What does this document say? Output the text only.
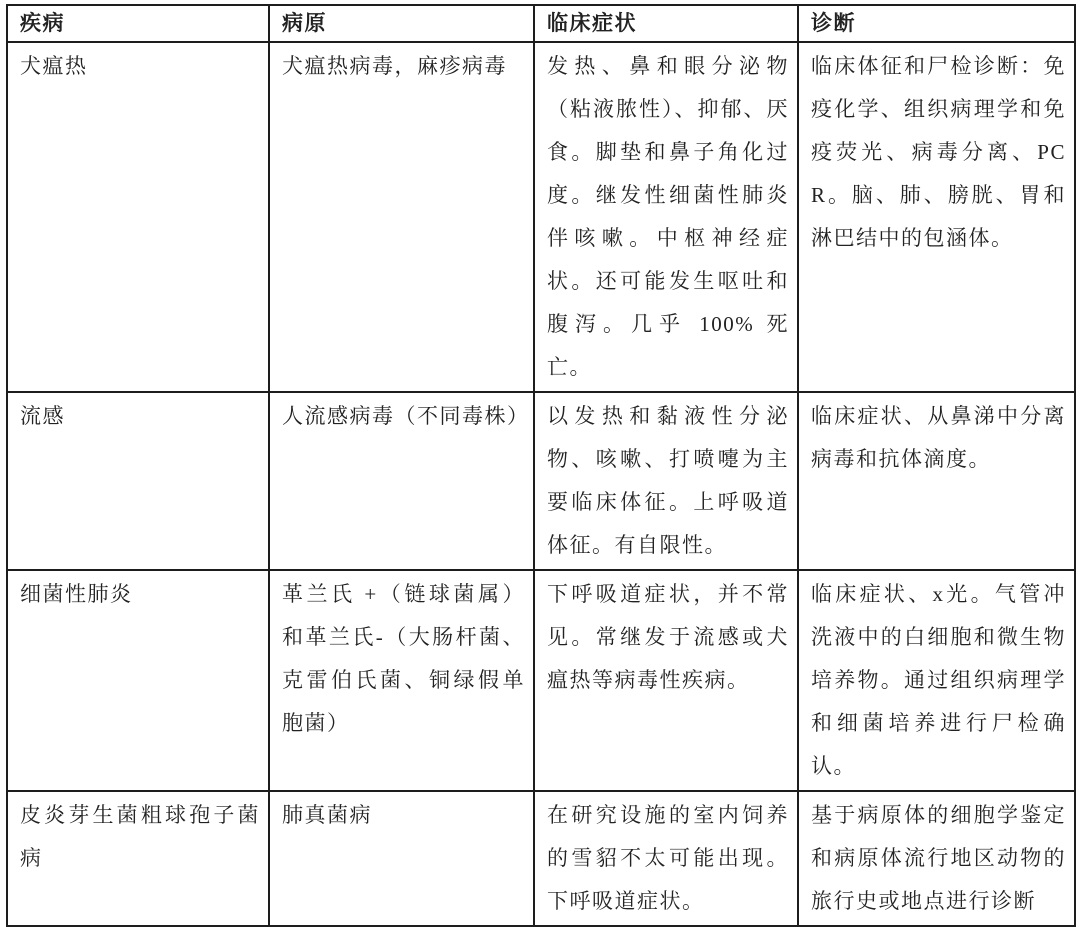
疾病	病原	临床症状	诊断
犬瘟热	犬瘟热病毒，麻疹病毒	发热、鼻和眼分泌物（粘液脓性）、抑郁、厌食。脚垫和鼻子角化过度。继发性细菌性肺炎伴咳嗽。中枢神经症状。还可能发生呕吐和腹泻。几乎 100% 死亡。	临床体征和尸检诊断：免疫化学、组织病理学和免疫荧光、病毒分离、PCR。脑、肺、膀胱、胃和淋巴结中的包涵体。
流感	人流感病毒（不同毒株）	以发热和黏液性分泌物、咳嗽、打喷嚏为主要临床体征。上呼吸道体征。有自限性。	临床症状、从鼻涕中分离病毒和抗体滴度。
细菌性肺炎	革兰氏 +（链球菌属）和革兰氏-（大肠杆菌、克雷伯氏菌、铜绿假单胞菌）	下呼吸道症状，并不常见。常继发于流感或犬瘟热等病毒性疾病。	临床症状、x光。气管冲洗液中的白细胞和微生物培养物。通过组织病理学和细菌培养进行尸检确认。
皮炎芽生菌粗球孢子菌病	肺真菌病	在研究设施的室内饲养的雪貂不太可能出现。下呼吸道症状。	基于病原体的细胞学鉴定和病原体流行地区动物的旅行史或地点进行诊断
